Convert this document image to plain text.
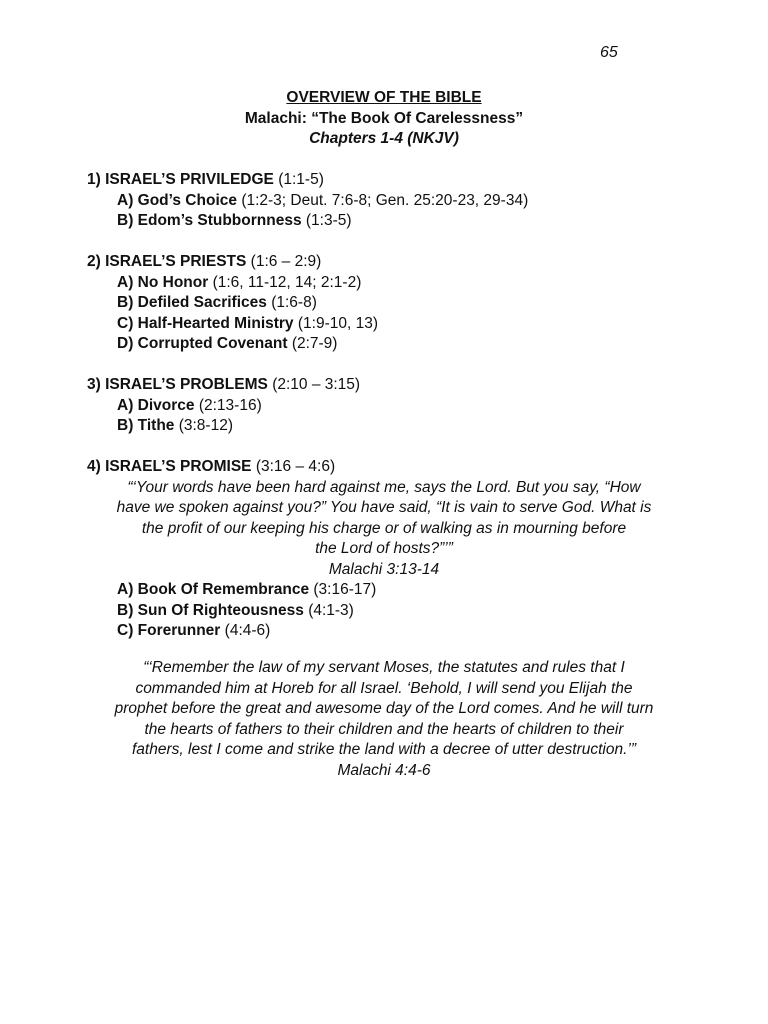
65
OVERVIEW OF THE BIBLE
Malachi: “The Book Of Carelessness”
Chapters 1-4 (NKJV)
1) ISRAEL’S PRIVILEDGE (1:1-5)
A) God’s Choice (1:2-3; Deut. 7:6-8; Gen. 25:20-23, 29-34)
B) Edom’s Stubbornness (1:3-5)
2) ISRAEL’S PRIESTS (1:6 – 2:9)
A) No Honor (1:6, 11-12, 14; 2:1-2)
B) Defiled Sacrifices (1:6-8)
C) Half-Hearted Ministry (1:9-10, 13)
D) Corrupted Covenant (2:7-9)
3) ISRAEL’S PROBLEMS (2:10 – 3:15)
A) Divorce (2:13-16)
B) Tithe (3:8-12)
4) ISRAEL’S PROMISE (3:16 – 4:6)
“‘Your words have been hard against me, says the Lord. But you say, “How
have we spoken against you?” You have said, “It is vain to serve God. What is
the profit of our keeping his charge or of walking as in mourning before
the Lord of hosts?”’”
Malachi 3:13-14
A) Book Of Remembrance (3:16-17)
B) Sun Of Righteousness (4:1-3)
C) Forerunner (4:4-6)
“‘Remember the law of my servant Moses, the statutes and rules that I
commanded him at Horeb for all Israel. ‘Behold, I will send you Elijah the
prophet before the great and awesome day of the Lord comes. And he will turn
the hearts of fathers to their children and the hearts of children to their
fathers, lest I come and strike the land with a decree of utter destruction.’”
Malachi 4:4-6
